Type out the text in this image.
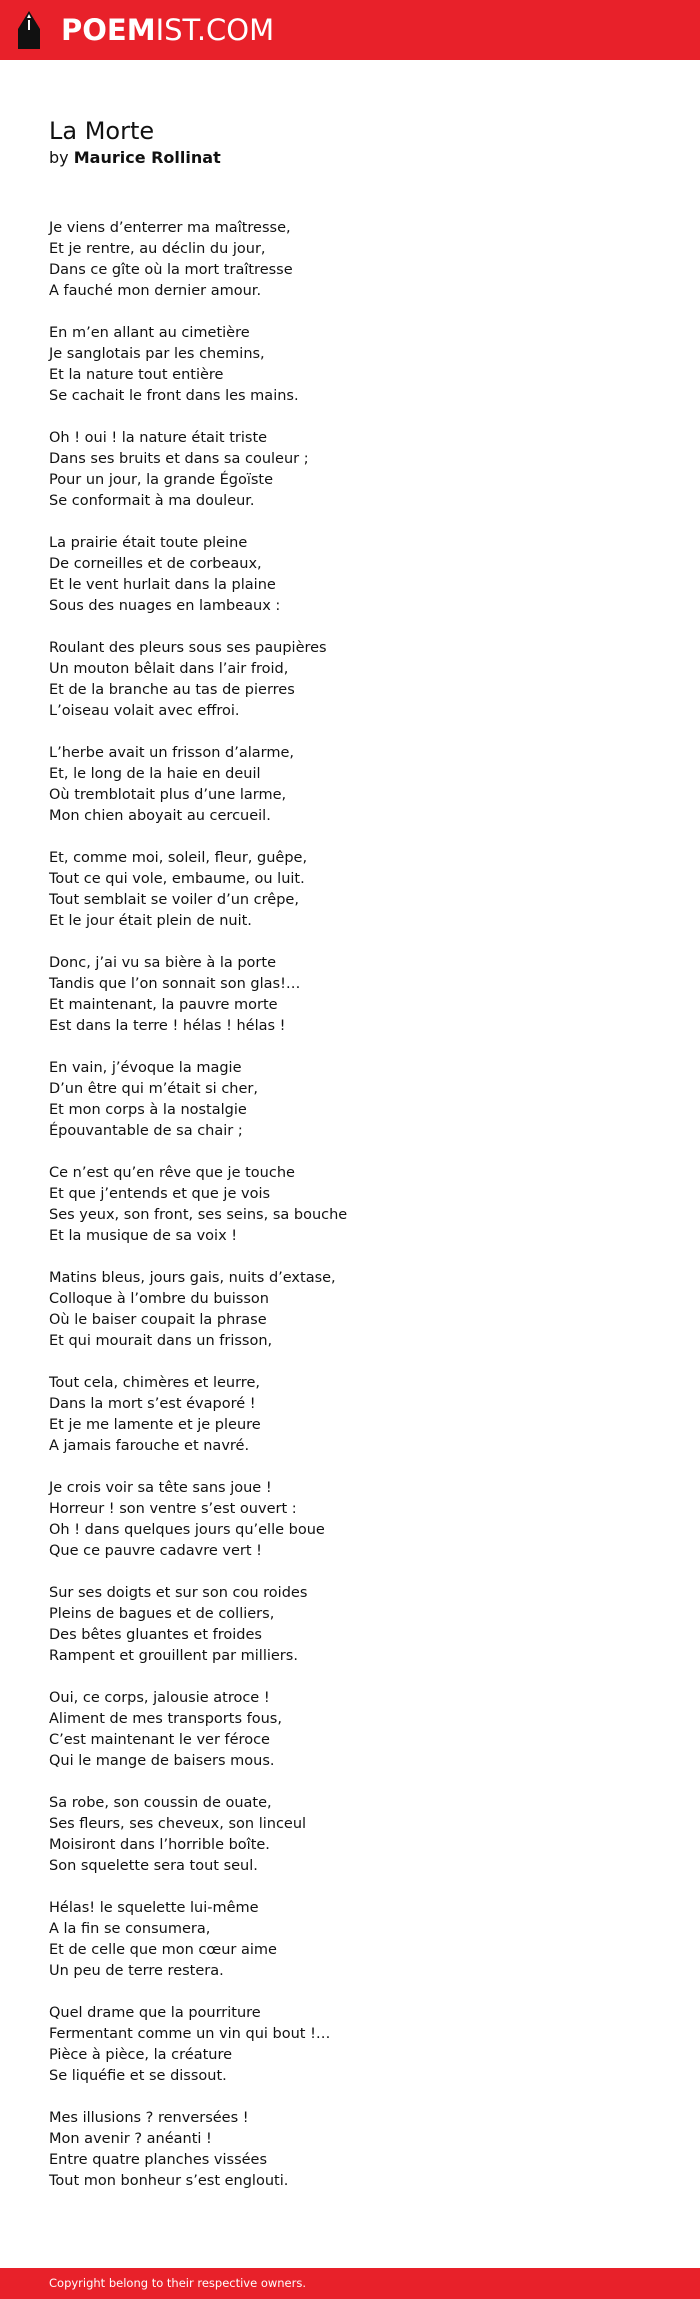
POEMIST.COM
La Morte
by Maurice Rollinat
Je viens d’enterrer ma maîtresse,
Et je rentre, au déclin du jour,
Dans ce gîte où la mort traîtresse
A fauché mon dernier amour.
En m’en allant au cimetière
Je sanglotais par les chemins,
Et la nature tout entière
Se cachait le front dans les mains.
Oh ! oui ! la nature était triste
Dans ses bruits et dans sa couleur ;
Pour un jour, la grande Égoïste
Se conformait à ma douleur.
La prairie était toute pleine
De corneilles et de corbeaux,
Et le vent hurlait dans la plaine
Sous des nuages en lambeaux :
Roulant des pleurs sous ses paupières
Un mouton bêlait dans l’air froid,
Et de la branche au tas de pierres
L’oiseau volait avec effroi.
L’herbe avait un frisson d’alarme,
Et, le long de la haie en deuil
Où tremblotait plus d’une larme,
Mon chien aboyait au cercueil.
Et, comme moi, soleil, fleur, guêpe,
Tout ce qui vole, embaume, ou luit.
Tout semblait se voiler d’un crêpe,
Et le jour était plein de nuit.
Donc, j’ai vu sa bière à la porte
Tandis que l’on sonnait son glas!…
Et maintenant, la pauvre morte
Est dans la terre ! hélas ! hélas !
En vain, j’évoque la magie
D’un être qui m’était si cher,
Et mon corps à la nostalgie
Épouvantable de sa chair ;
Ce n’est qu’en rêve que je touche
Et que j’entends et que je vois
Ses yeux, son front, ses seins, sa bouche
Et la musique de sa voix !
Matins bleus, jours gais, nuits d’extase,
Colloque à l’ombre du buisson
Où le baiser coupait la phrase
Et qui mourait dans un frisson,
Tout cela, chimères et leurre,
Dans la mort s’est évaporé !
Et je me lamente et je pleure
A jamais farouche et navré.
Je crois voir sa tête sans joue !
Horreur ! son ventre s’est ouvert :
Oh ! dans quelques jours qu’elle boue
Que ce pauvre cadavre vert !
Sur ses doigts et sur son cou roides
Pleins de bagues et de colliers,
Des bêtes gluantes et froides
Rampent et grouillent par milliers.
Oui, ce corps, jalousie atroce !
Aliment de mes transports fous,
C’est maintenant le ver féroce
Qui le mange de baisers mous.
Sa robe, son coussin de ouate,
Ses fleurs, ses cheveux, son linceul
Moisiront dans l’horrible boîte.
Son squelette sera tout seul.
Hélas! le squelette lui-même
A la fin se consumera,
Et de celle que mon cœur aime
Un peu de terre restera.
Quel drame que la pourriture
Fermentant comme un vin qui bout !…
Pièce à pièce, la créature
Se liquéfie et se dissout.
Mes illusions ? renversées !
Mon avenir ? anéanti !
Entre quatre planches vissées
Tout mon bonheur s’est englouti.
Copyright belong to their respective owners.
